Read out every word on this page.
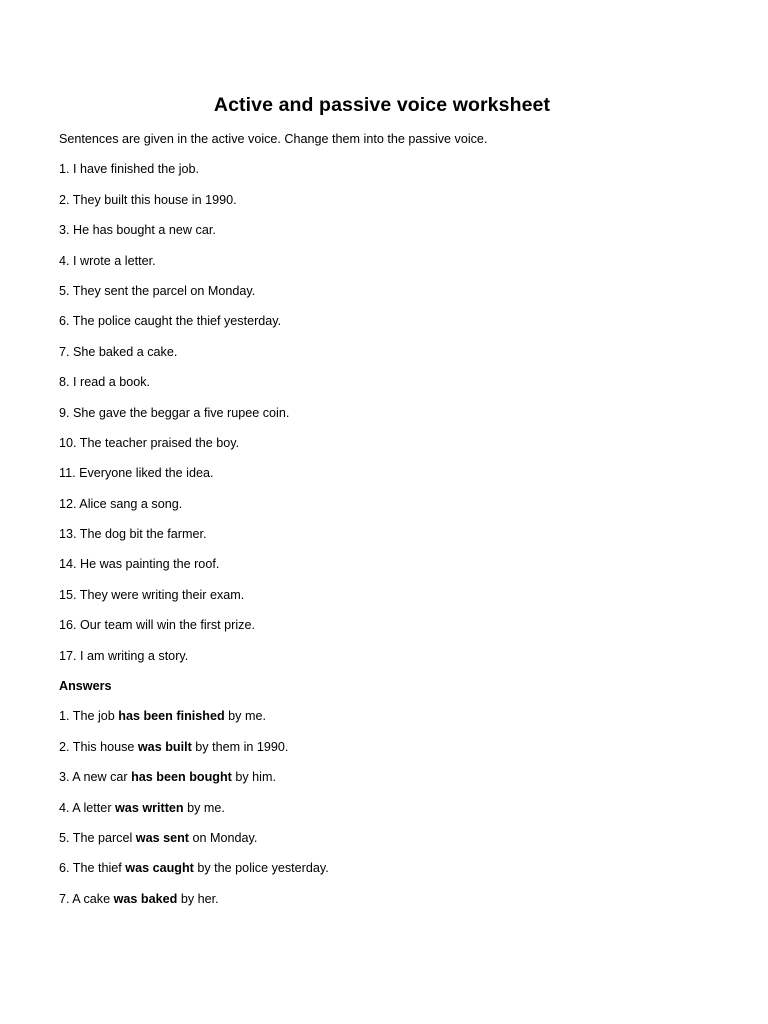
Active and passive voice worksheet
Sentences are given in the active voice. Change them into the passive voice.
1. I have finished the job.
2. They built this house in 1990.
3. He has bought a new car.
4. I wrote a letter.
5. They sent the parcel on Monday.
6. The police caught the thief yesterday.
7. She baked a cake.
8. I read a book.
9. She gave the beggar a five rupee coin.
10. The teacher praised the boy.
11. Everyone liked the idea.
12. Alice sang a song.
13. The dog bit the farmer.
14. He was painting the roof.
15. They were writing their exam.
16. Our team will win the first prize.
17. I am writing a story.
Answers
1. The job has been finished by me.
2. This house was built by them in 1990.
3. A new car has been bought by him.
4. A letter was written by me.
5. The parcel was sent on Monday.
6. The thief was caught by the police yesterday.
7. A cake was baked by her.
